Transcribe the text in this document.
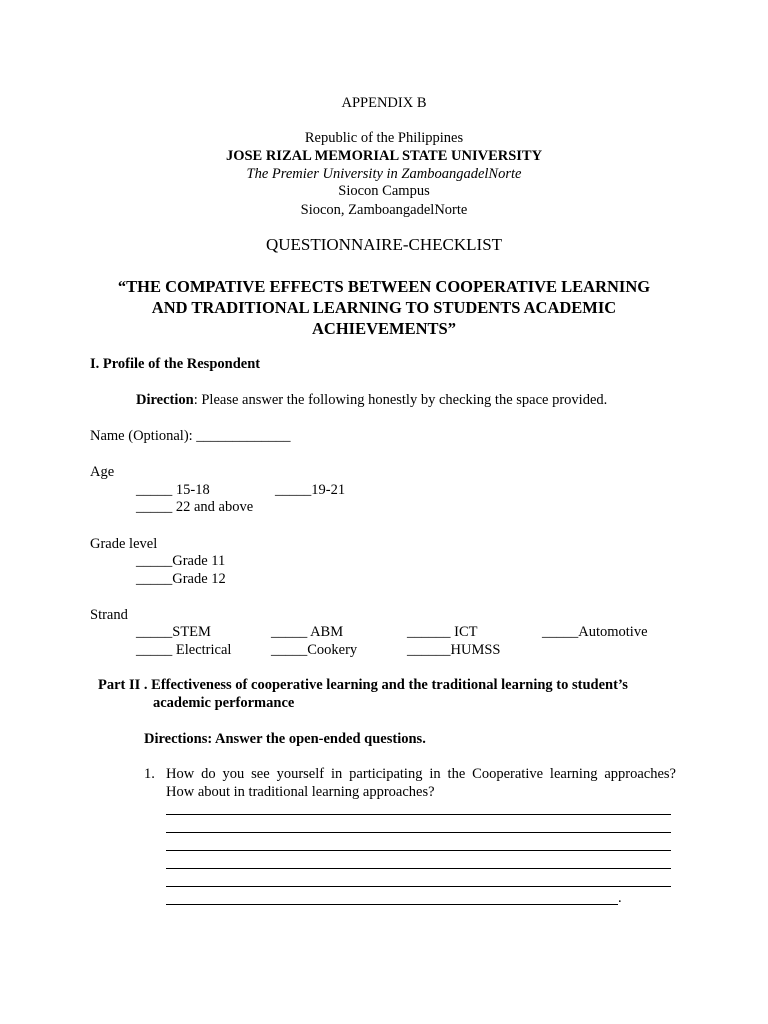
APPENDIX B
Republic of the Philippines
JOSE RIZAL MEMORIAL STATE UNIVERSITY
The Premier University in ZamboangadelNorte
Siocon Campus
Siocon, ZamboangadelNorte
QUESTIONNAIRE-CHECKLIST
“THE COMPATIVE EFFECTS BETWEEN COOPERATIVE LEARNING
AND TRADITIONAL LEARNING TO STUDENTS ACADEMIC
ACHIEVEMENTS”
I. Profile of the Respondent
Direction: Please answer the following honestly by checking the space provided.
Name (Optional): _____________
Age
_____ 15-18	_____19-21
_____ 22 and above
Grade level
_____Grade 11
_____Grade 12
Strand
_____STEM	_____ ABM	______ ICT	_____Automotive
_____ Electrical	_____Cookery	______HUMSS
Part II . Effectiveness of cooperative learning and the traditional learning to student’s
academic performance
Directions: Answer the open-ended questions.
1. How do you see yourself in participating in the Cooperative learning approaches?
How about in traditional learning approaches?
.
